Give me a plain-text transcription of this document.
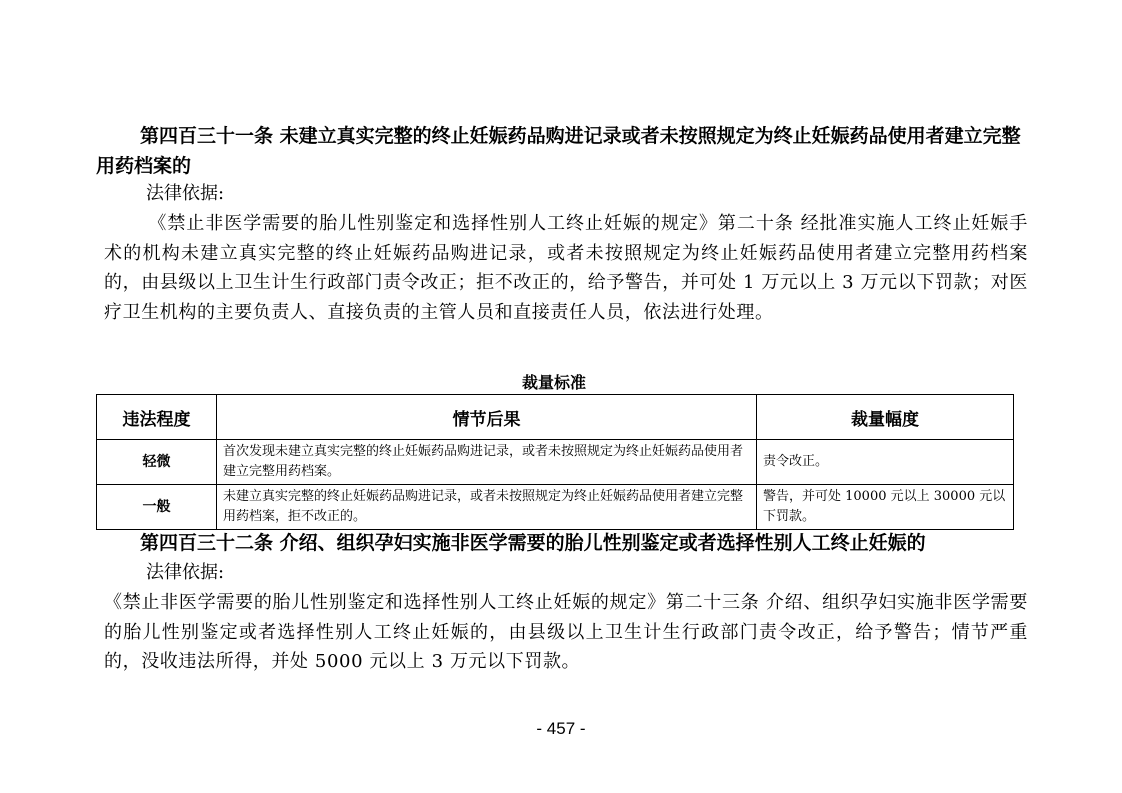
第四百三十一条 未建立真实完整的终止妊娠药品购进记录或者未按照规定为终止妊娠药品使用者建立完整用药档案的

法律依据:

《禁止非医学需要的胎儿性别鉴定和选择性别人工终止妊娠的规定》第二十条 经批准实施人工终止妊娠手术的机构未建立真实完整的终止妊娠药品购进记录，或者未按照规定为终止妊娠药品使用者建立完整用药档案的，由县级以上卫生计生行政部门责令改正；拒不改正的，给予警告，并可处 1 万元以上 3 万元以下罚款；对医疗卫生机构的主要负责人、直接负责的主管人员和直接责任人员，依法进行处理。

裁量标准
违法程度	情节后果	裁量幅度
轻微	首次发现未建立真实完整的终止妊娠药品购进记录，或者未按照规定为终止妊娠药品使用者建立完整用药档案。	责令改正。
一般	未建立真实完整的终止妊娠药品购进记录，或者未按照规定为终止妊娠药品使用者建立完整用药档案，拒不改正的。	警告，并可处 10000 元以上 30000 元以下罚款。

第四百三十二条 介绍、组织孕妇实施非医学需要的胎儿性别鉴定或者选择性别人工终止妊娠的

法律依据:

《禁止非医学需要的胎儿性别鉴定和选择性别人工终止妊娠的规定》第二十三条 介绍、组织孕妇实施非医学需要的胎儿性别鉴定或者选择性别人工终止妊娠的，由县级以上卫生计生行政部门责令改正，给予警告；情节严重的，没收违法所得，并处 5000 元以上 3 万元以下罚款。

- 457 -
